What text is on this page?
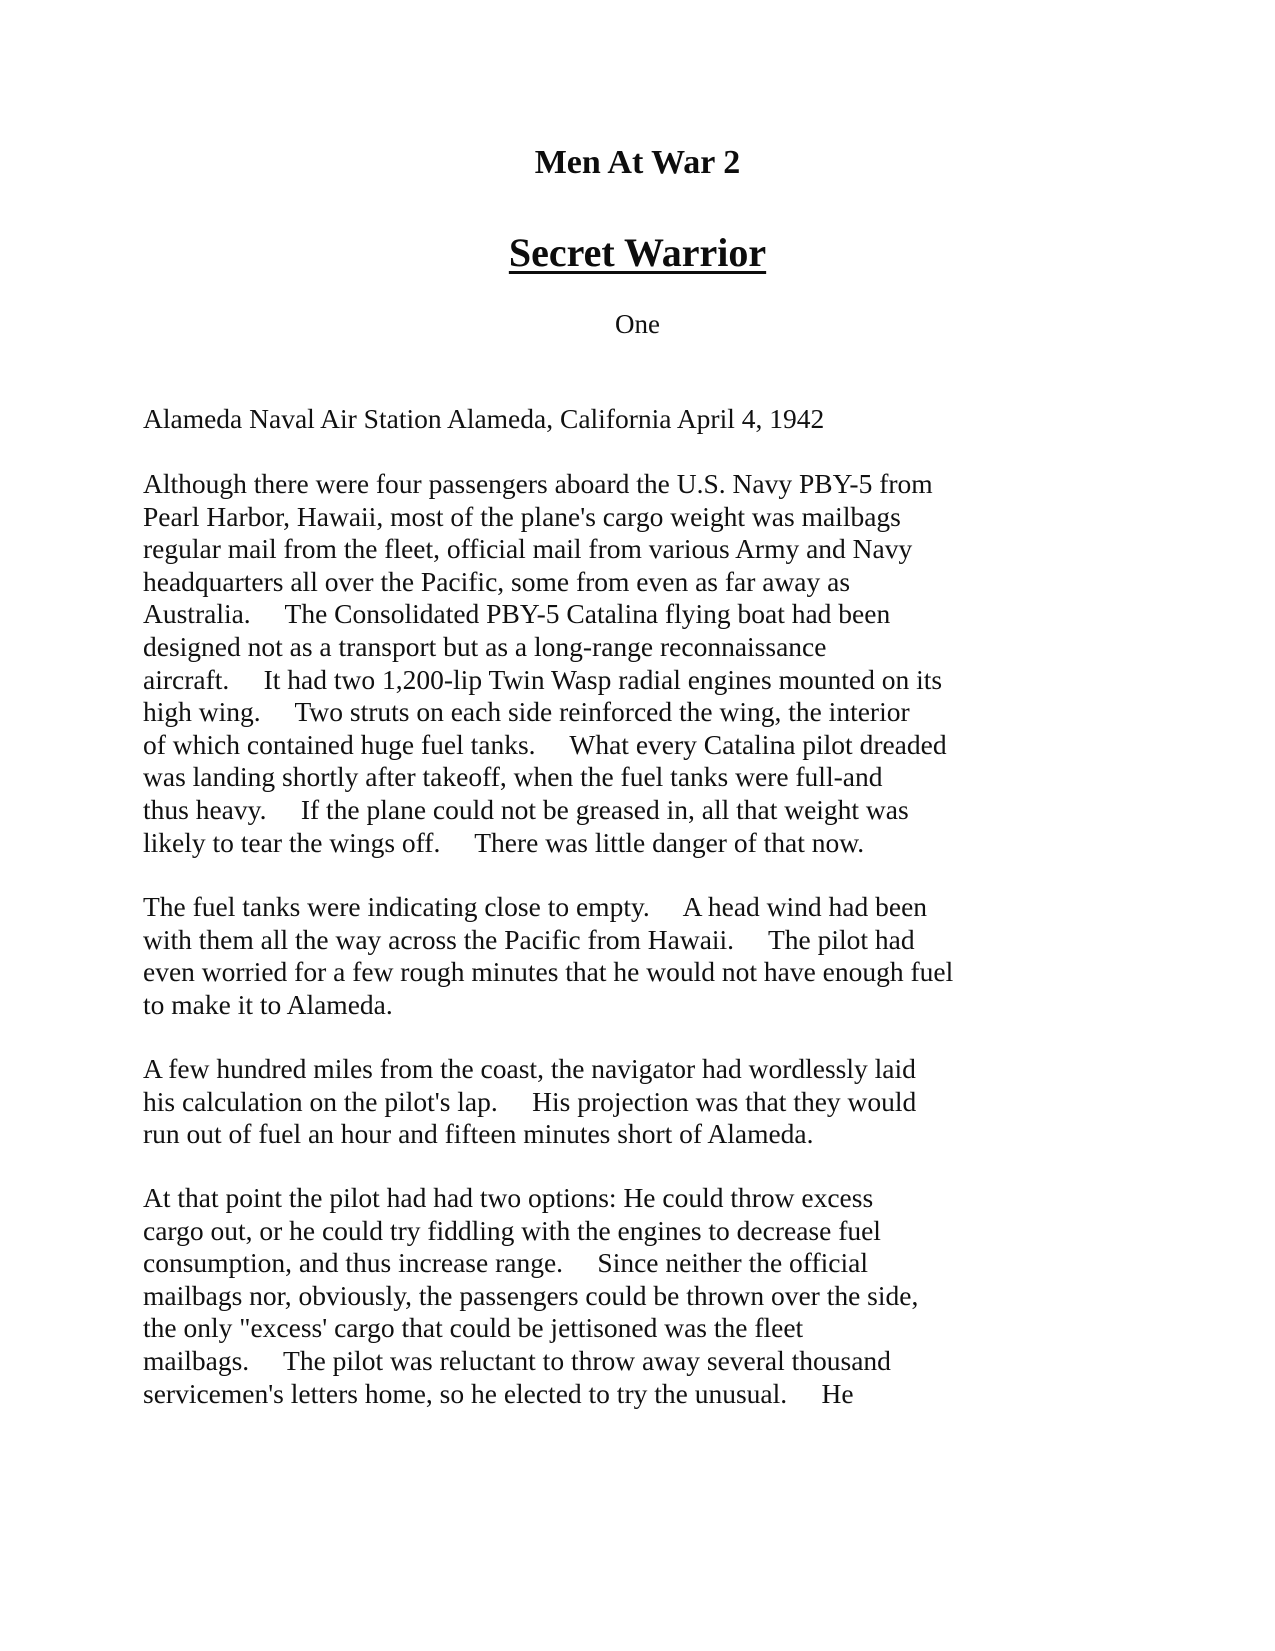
Men At War 2
Secret Warrior
One
Alameda Naval Air Station Alameda, California April 4, 1942
Although there were four passengers aboard the U.S. Navy PBY-5 from
Pearl Harbor, Hawaii, most of the plane's cargo weight was mailbags
regular mail from the fleet, official mail from various Army and Navy
headquarters all over the Pacific, some from even as far away as
Australia.     The Consolidated PBY-5 Catalina flying boat had been
designed not as a transport but as a long-range reconnaissance
aircraft.     It had two 1,200-lip Twin Wasp radial engines mounted on its
high wing.     Two struts on each side reinforced the wing, the interior
of which contained huge fuel tanks.     What every Catalina pilot dreaded
was landing shortly after takeoff, when the fuel tanks were full-and
thus heavy.     If the plane could not be greased in, all that weight was
likely to tear the wings off.     There was little danger of that now.
The fuel tanks were indicating close to empty.     A head wind had been
with them all the way across the Pacific from Hawaii.     The pilot had
even worried for a few rough minutes that he would not have enough fuel
to make it to Alameda.
A few hundred miles from the coast, the navigator had wordlessly laid
his calculation on the pilot's lap.     His projection was that they would
run out of fuel an hour and fifteen minutes short of Alameda.
At that point the pilot had had two options: He could throw excess
cargo out, or he could try fiddling with the engines to decrease fuel
consumption, and thus increase range.     Since neither the official
mailbags nor, obviously, the passengers could be thrown over the side,
the only "excess' cargo that could be jettisoned was the fleet
mailbags.     The pilot was reluctant to throw away several thousand
servicemen's letters home, so he elected to try the unusual.     He
